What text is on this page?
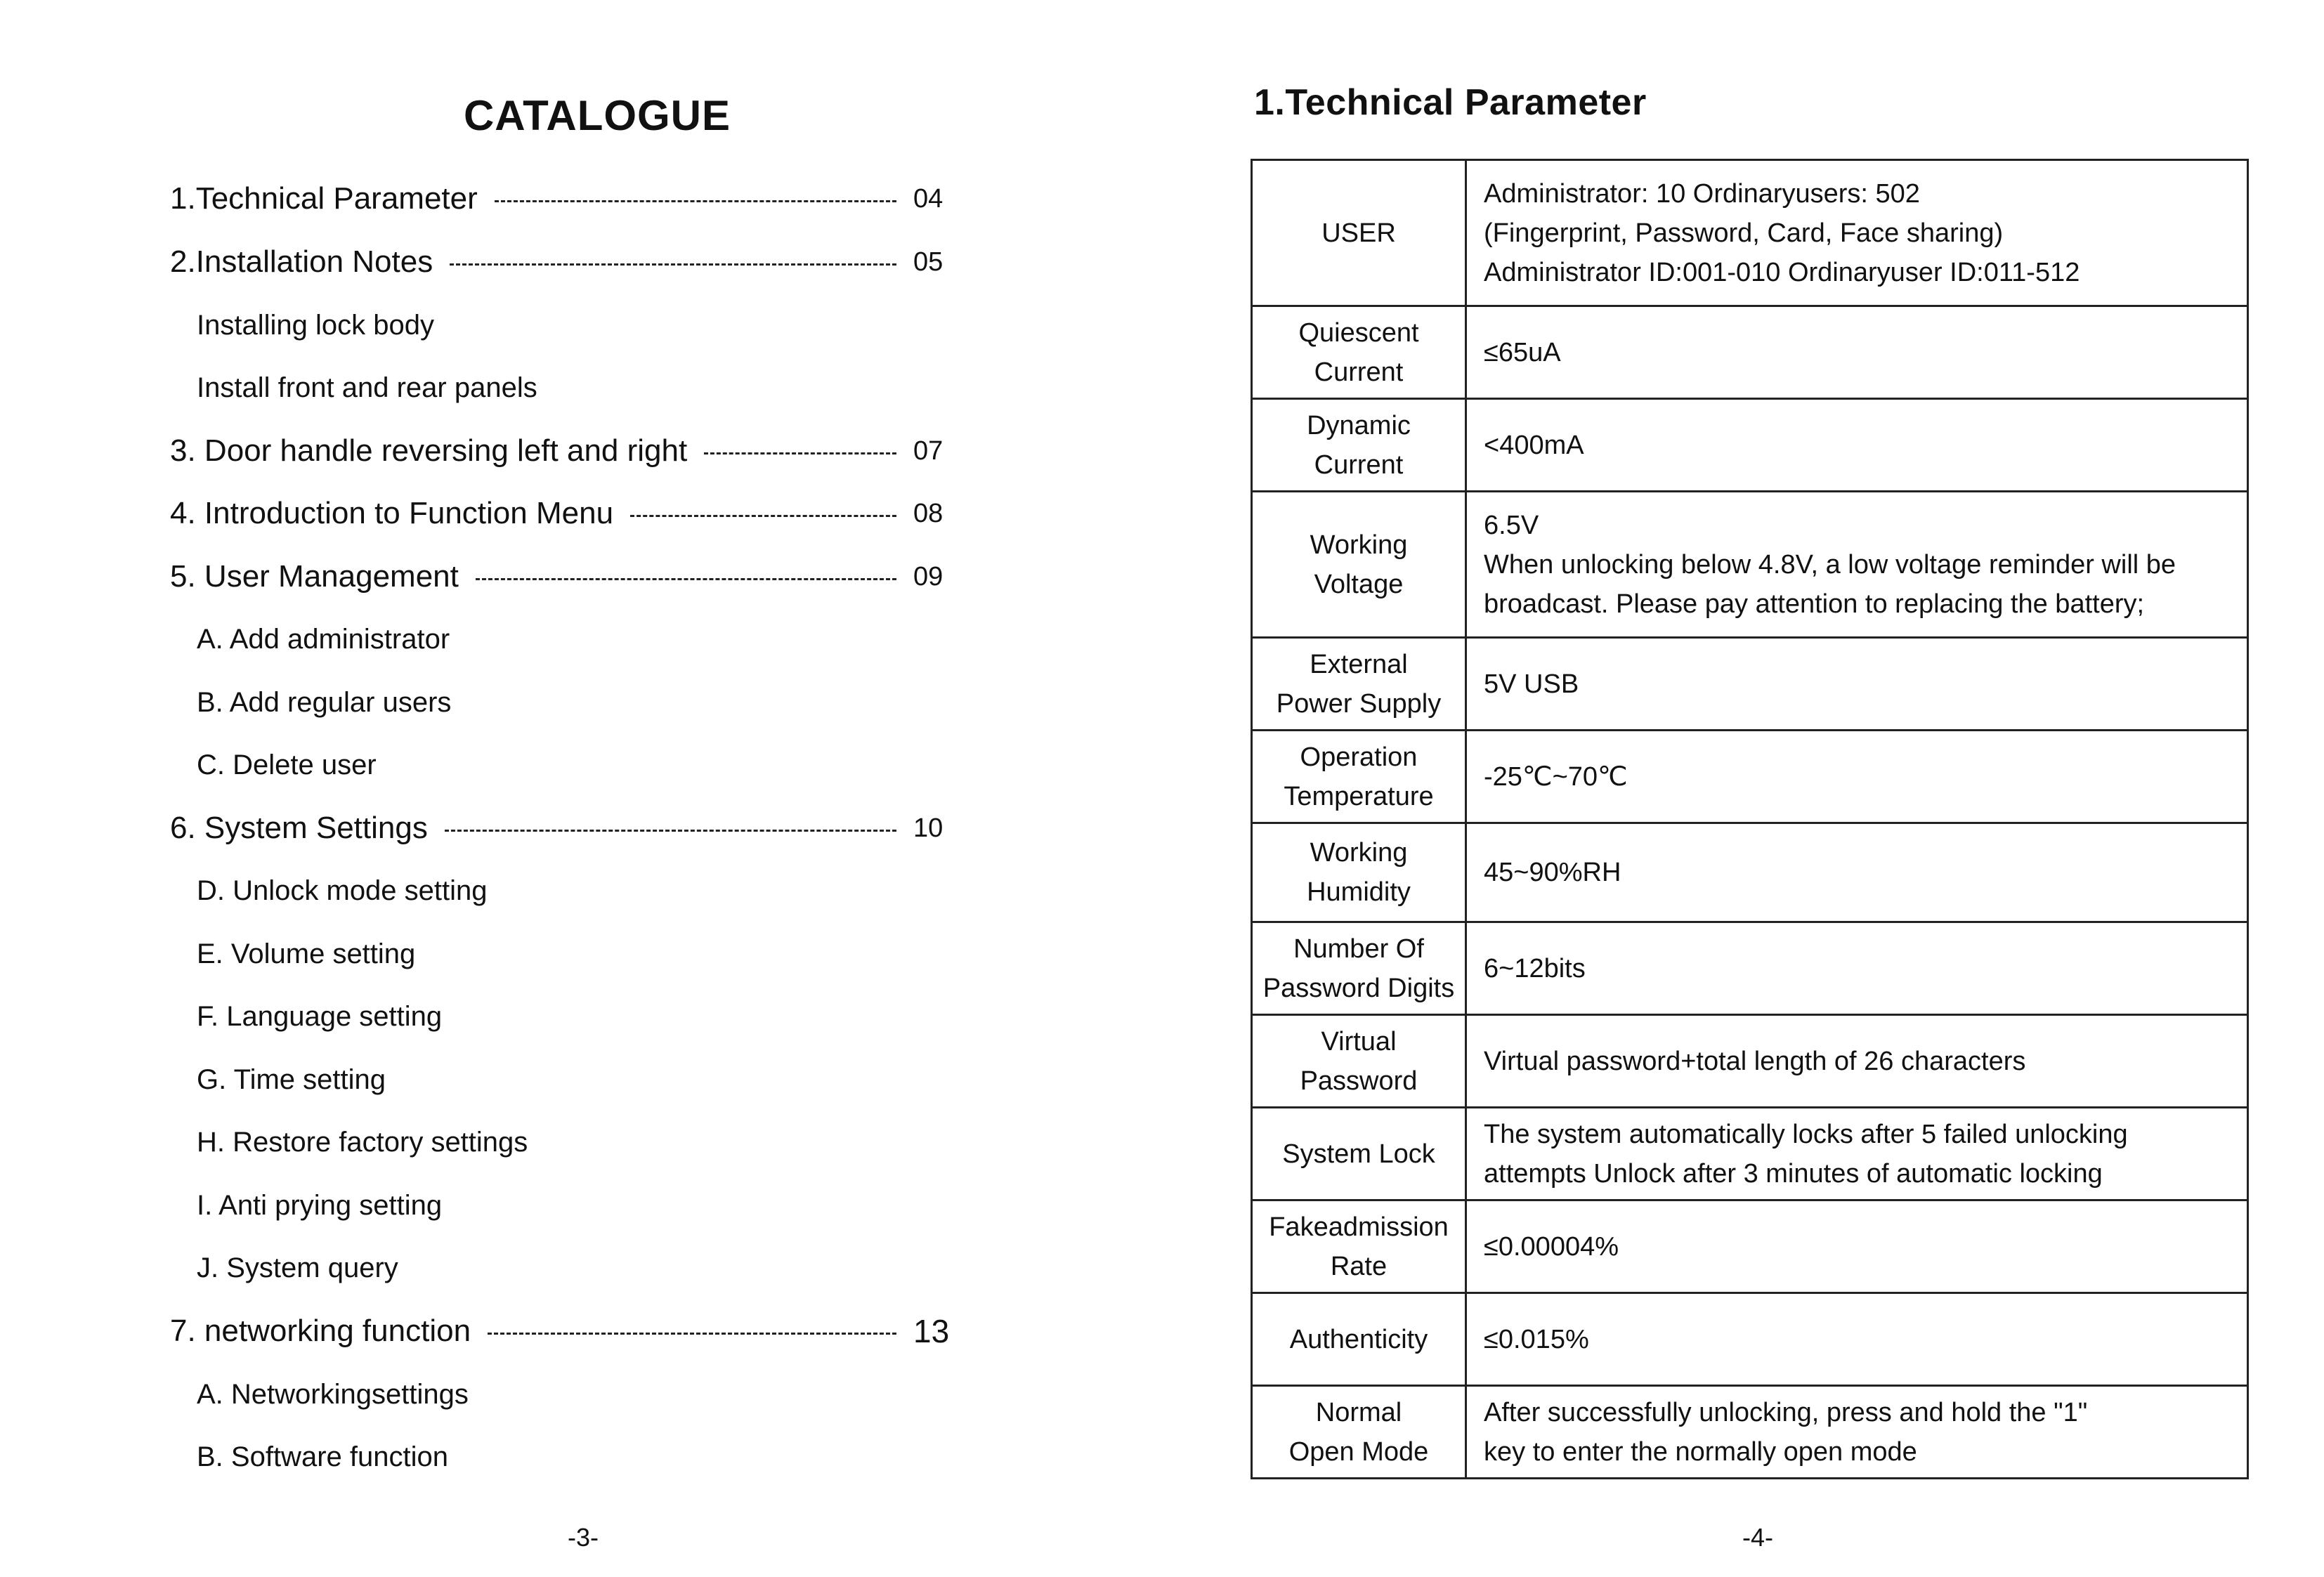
CATALOGUE
1.Technical Parameter	04
2.Installation Notes	05
Installing lock body
Install front and rear panels
3. Door handle reversing left and right	07
4. Introduction to Function Menu	08
5. User Management	09
A. Add administrator
B. Add regular users
C. Delete user
6. System Settings	10
D. Unlock mode setting
E. Volume setting
F. Language setting
G. Time setting
H. Restore factory settings
I. Anti prying setting
J. System query
7. networking function	13
A. Networkingsettings
B. Software function
-3-
1.Technical Parameter
-4-
USER	Administrator: 10 Ordinaryusers: 502
(Fingerprint, Password, Card, Face sharing)
Administrator ID:001-010 Ordinaryuser ID:011-512

Quiescent
Current	≤65uA

Dynamic
Current	<400mA

Working
Voltage	6.5V
When unlocking below 4.8V, a low voltage reminder will be
broadcast. Please pay attention to replacing the battery;

External
Power Supply	5V USB

Operation
Temperature	-25℃~70℃

Working
Humidity	45~90%RH

Number Of
Password Digits	6~12bits

Virtual
Password	Virtual password+total length of 26 characters

System Lock	The system automatically locks after 5 failed unlocking
attempts Unlock after 3 minutes of automatic locking

Fakeadmission
Rate	≤0.00004%

Authenticity	≤0.015%

Normal
Open Mode	After successfully unlocking, press and hold the "1"
key to enter the normally open mode
